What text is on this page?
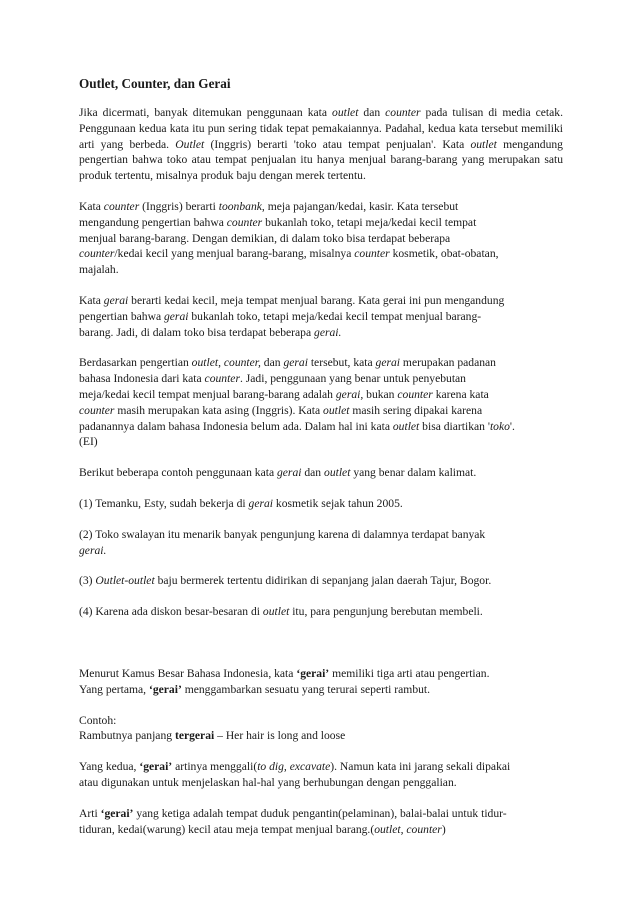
Outlet, Counter, dan Gerai

Jika dicermati, banyak ditemukan penggunaan kata outlet dan counter pada tulisan di media cetak. Penggunaan kedua kata itu pun sering tidak tepat pemakaiannya. Padahal, kedua kata tersebut memiliki arti yang berbeda. Outlet (Inggris) berarti 'toko atau tempat penjualan'. Kata outlet mengandung pengertian bahwa toko atau tempat penjualan itu hanya menjual barang-barang yang merupakan satu produk tertentu, misalnya produk baju dengan merek tertentu.

Kata counter (Inggris) berarti toonbank, meja pajangan/kedai, kasir. Kata tersebut
mengandung pengertian bahwa counter bukanlah toko, tetapi meja/kedai kecil tempat
menjual barang-barang. Dengan demikian, di dalam toko bisa terdapat beberapa
counter/kedai kecil yang menjual barang-barang, misalnya counter kosmetik, obat-obatan,
majalah.

Kata gerai berarti kedai kecil, meja tempat menjual barang. Kata gerai ini pun mengandung
pengertian bahwa gerai bukanlah toko, tetapi meja/kedai kecil tempat menjual barang-
barang. Jadi, di dalam toko bisa terdapat beberapa gerai.

Berdasarkan pengertian outlet, counter, dan gerai tersebut, kata gerai merupakan padanan
bahasa Indonesia dari kata counter. Jadi, penggunaan yang benar untuk penyebutan
meja/kedai kecil tempat menjual barang-barang adalah gerai, bukan counter karena kata
counter masih merupakan kata asing (Inggris). Kata outlet masih sering dipakai karena
padanannya dalam bahasa Indonesia belum ada. Dalam hal ini kata outlet bisa diartikan 'toko'.
(EI)

Berikut beberapa contoh penggunaan kata gerai dan outlet yang benar dalam kalimat.

(1) Temanku, Esty, sudah bekerja di gerai kosmetik sejak tahun 2005.

(2) Toko swalayan itu menarik banyak pengunjung karena di dalamnya terdapat banyak
gerai.

(3) Outlet-outlet baju bermerek tertentu didirikan di sepanjang jalan daerah Tajur, Bogor.

(4) Karena ada diskon besar-besaran di outlet itu, para pengunjung berebutan membeli.

Menurut Kamus Besar Bahasa Indonesia, kata ‘gerai’ memiliki tiga arti atau pengertian.
Yang pertama, ‘gerai’ menggambarkan sesuatu yang terurai seperti rambut.

Contoh:
Rambutnya panjang tergerai – Her hair is long and loose

Yang kedua, ‘gerai’ artinya menggali(to dig, excavate). Namun kata ini jarang sekali dipakai
atau digunakan untuk menjelaskan hal-hal yang berhubungan dengan penggalian.

Arti ‘gerai’ yang ketiga adalah tempat duduk pengantin(pelaminan), balai-balai untuk tidur-
tiduran, kedai(warung) kecil atau meja tempat menjual barang.(outlet, counter)
